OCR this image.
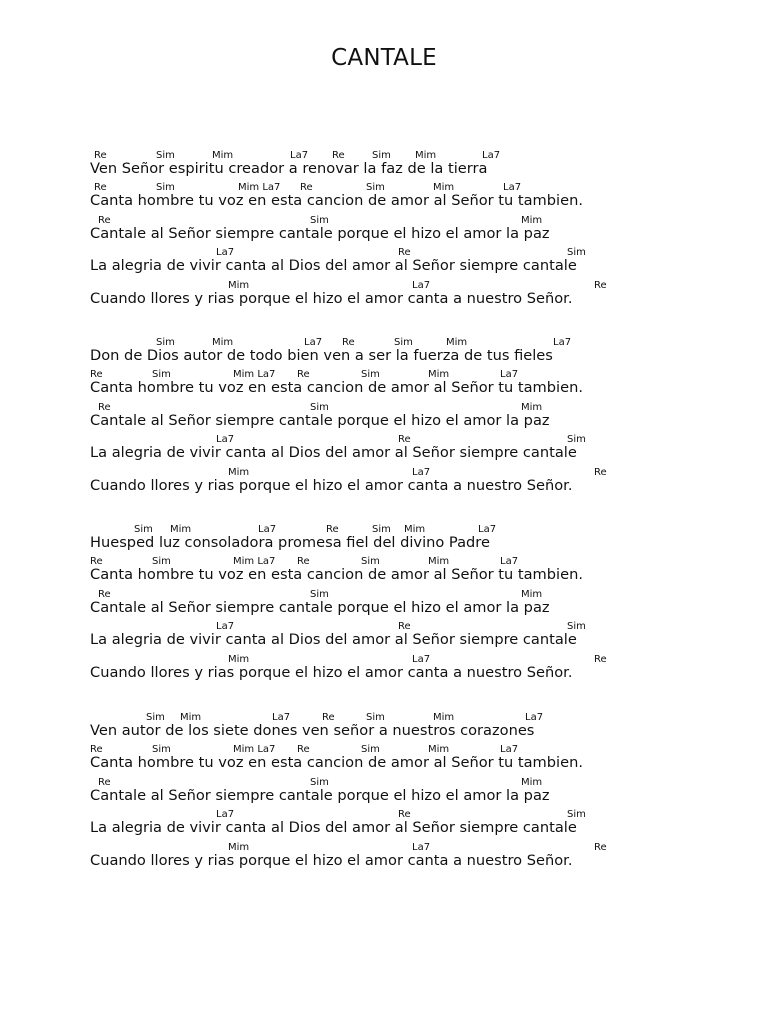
CANTALE
Re	Sim	Mim	La7 Re	Sim Mim	La7
Ven Señor espiritu creador a renovar la faz de la tierra
Re	Sim	Mim La7 Re	Sim	Mim	La7
Canta hombre tu voz en esta cancion de amor al Señor tu tambien.
Re	Sim	Mim
Cantale al Señor siempre cantale porque el hizo el amor la paz
La7	Re	Sim
La alegria de vivir canta al Dios del amor al Señor siempre cantale
Mim	La7	Re
Cuando llores y rias porque el hizo el amor canta a nuestro Señor.
Sim	Mim	La7 Re	Sim	Mim	La7
Don de Dios autor de todo bien ven a ser la fuerza de tus fieles
Re	Sim	Mim La7 Re	Sim	Mim	La7
Canta hombre tu voz en esta cancion de amor al Señor tu tambien.
Re	Sim	Mim
Cantale al Señor siempre cantale porque el hizo el amor la paz
La7	Re	Sim
La alegria de vivir canta al Dios del amor al Señor siempre cantale
Mim	La7	Re
Cuando llores y rias porque el hizo el amor canta a nuestro Señor.
Sim Mim	La7	Re	Sim Mim	La7
Huesped luz consoladora promesa fiel del divino Padre
Re	Sim	Mim La7 Re	Sim	Mim	La7
Canta hombre tu voz en esta cancion de amor al Señor tu tambien.
Re	Sim	Mim
Cantale al Señor siempre cantale porque el hizo el amor la paz
La7	Re	Sim
La alegria de vivir canta al Dios del amor al Señor siempre cantale
Mim	La7	Re
Cuando llores y rias porque el hizo el amor canta a nuestro Señor.
Sim Mim	La7	Re	Sim	Mim	La7
Ven autor de los siete dones ven señor a nuestros corazones
Re	Sim	Mim La7 Re	Sim	Mim	La7
Canta hombre tu voz en esta cancion de amor al Señor tu tambien.
Re	Sim	Mim
Cantale al Señor siempre cantale porque el hizo el amor la paz
La7	Re	Sim
La alegria de vivir canta al Dios del amor al Señor siempre cantale
Mim	La7	Re
Cuando llores y rias porque el hizo el amor canta a nuestro Señor.
